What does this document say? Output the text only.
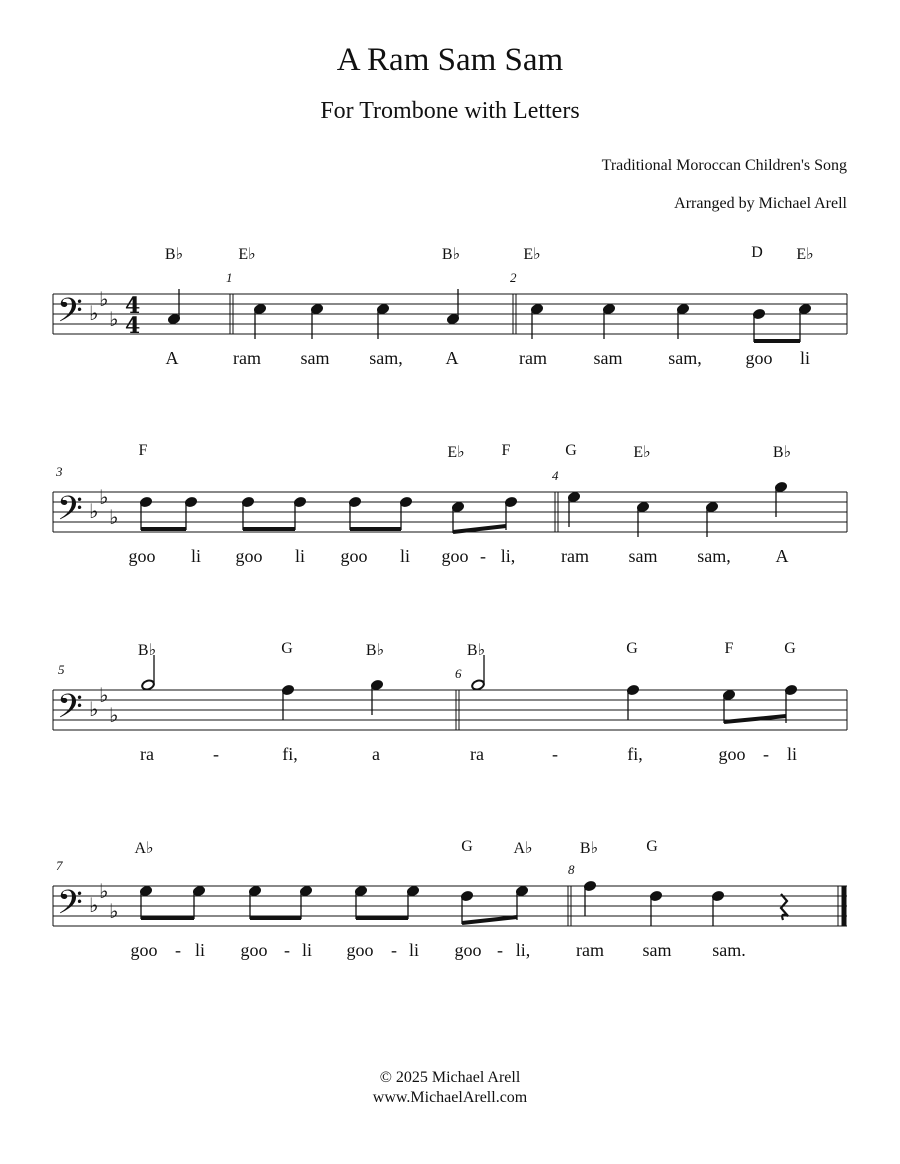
A Ram Sam Sam
For Trombone with Letters
Traditional Moroccan Children's Song
Arranged by Michael Arell
𝄢 ♭
♭
♭ 4
4
1	2
B♭	E♭	B♭	E♭	D E♭
A	ram sam sam, A	ram	sam	sam, goo li
𝄢 ♭
♭
♭
3	4
F	E♭ F	G	E♭	B♭
goo li goo li goo li goo - li,	ram sam sam, A
𝄢 ♭
♭
♭
5	6
B♭	G	B♭	B♭	G	F	G
ra	-	fi,	a	ra	-	fi,	goo - li
𝄢 ♭
♭
♭
7	8
A♭	G	A♭	B♭	G
goo - li goo - li goo - li goo - li,	ram sam sam.
© 2025 Michael Arell
www.MichaelArell.com
